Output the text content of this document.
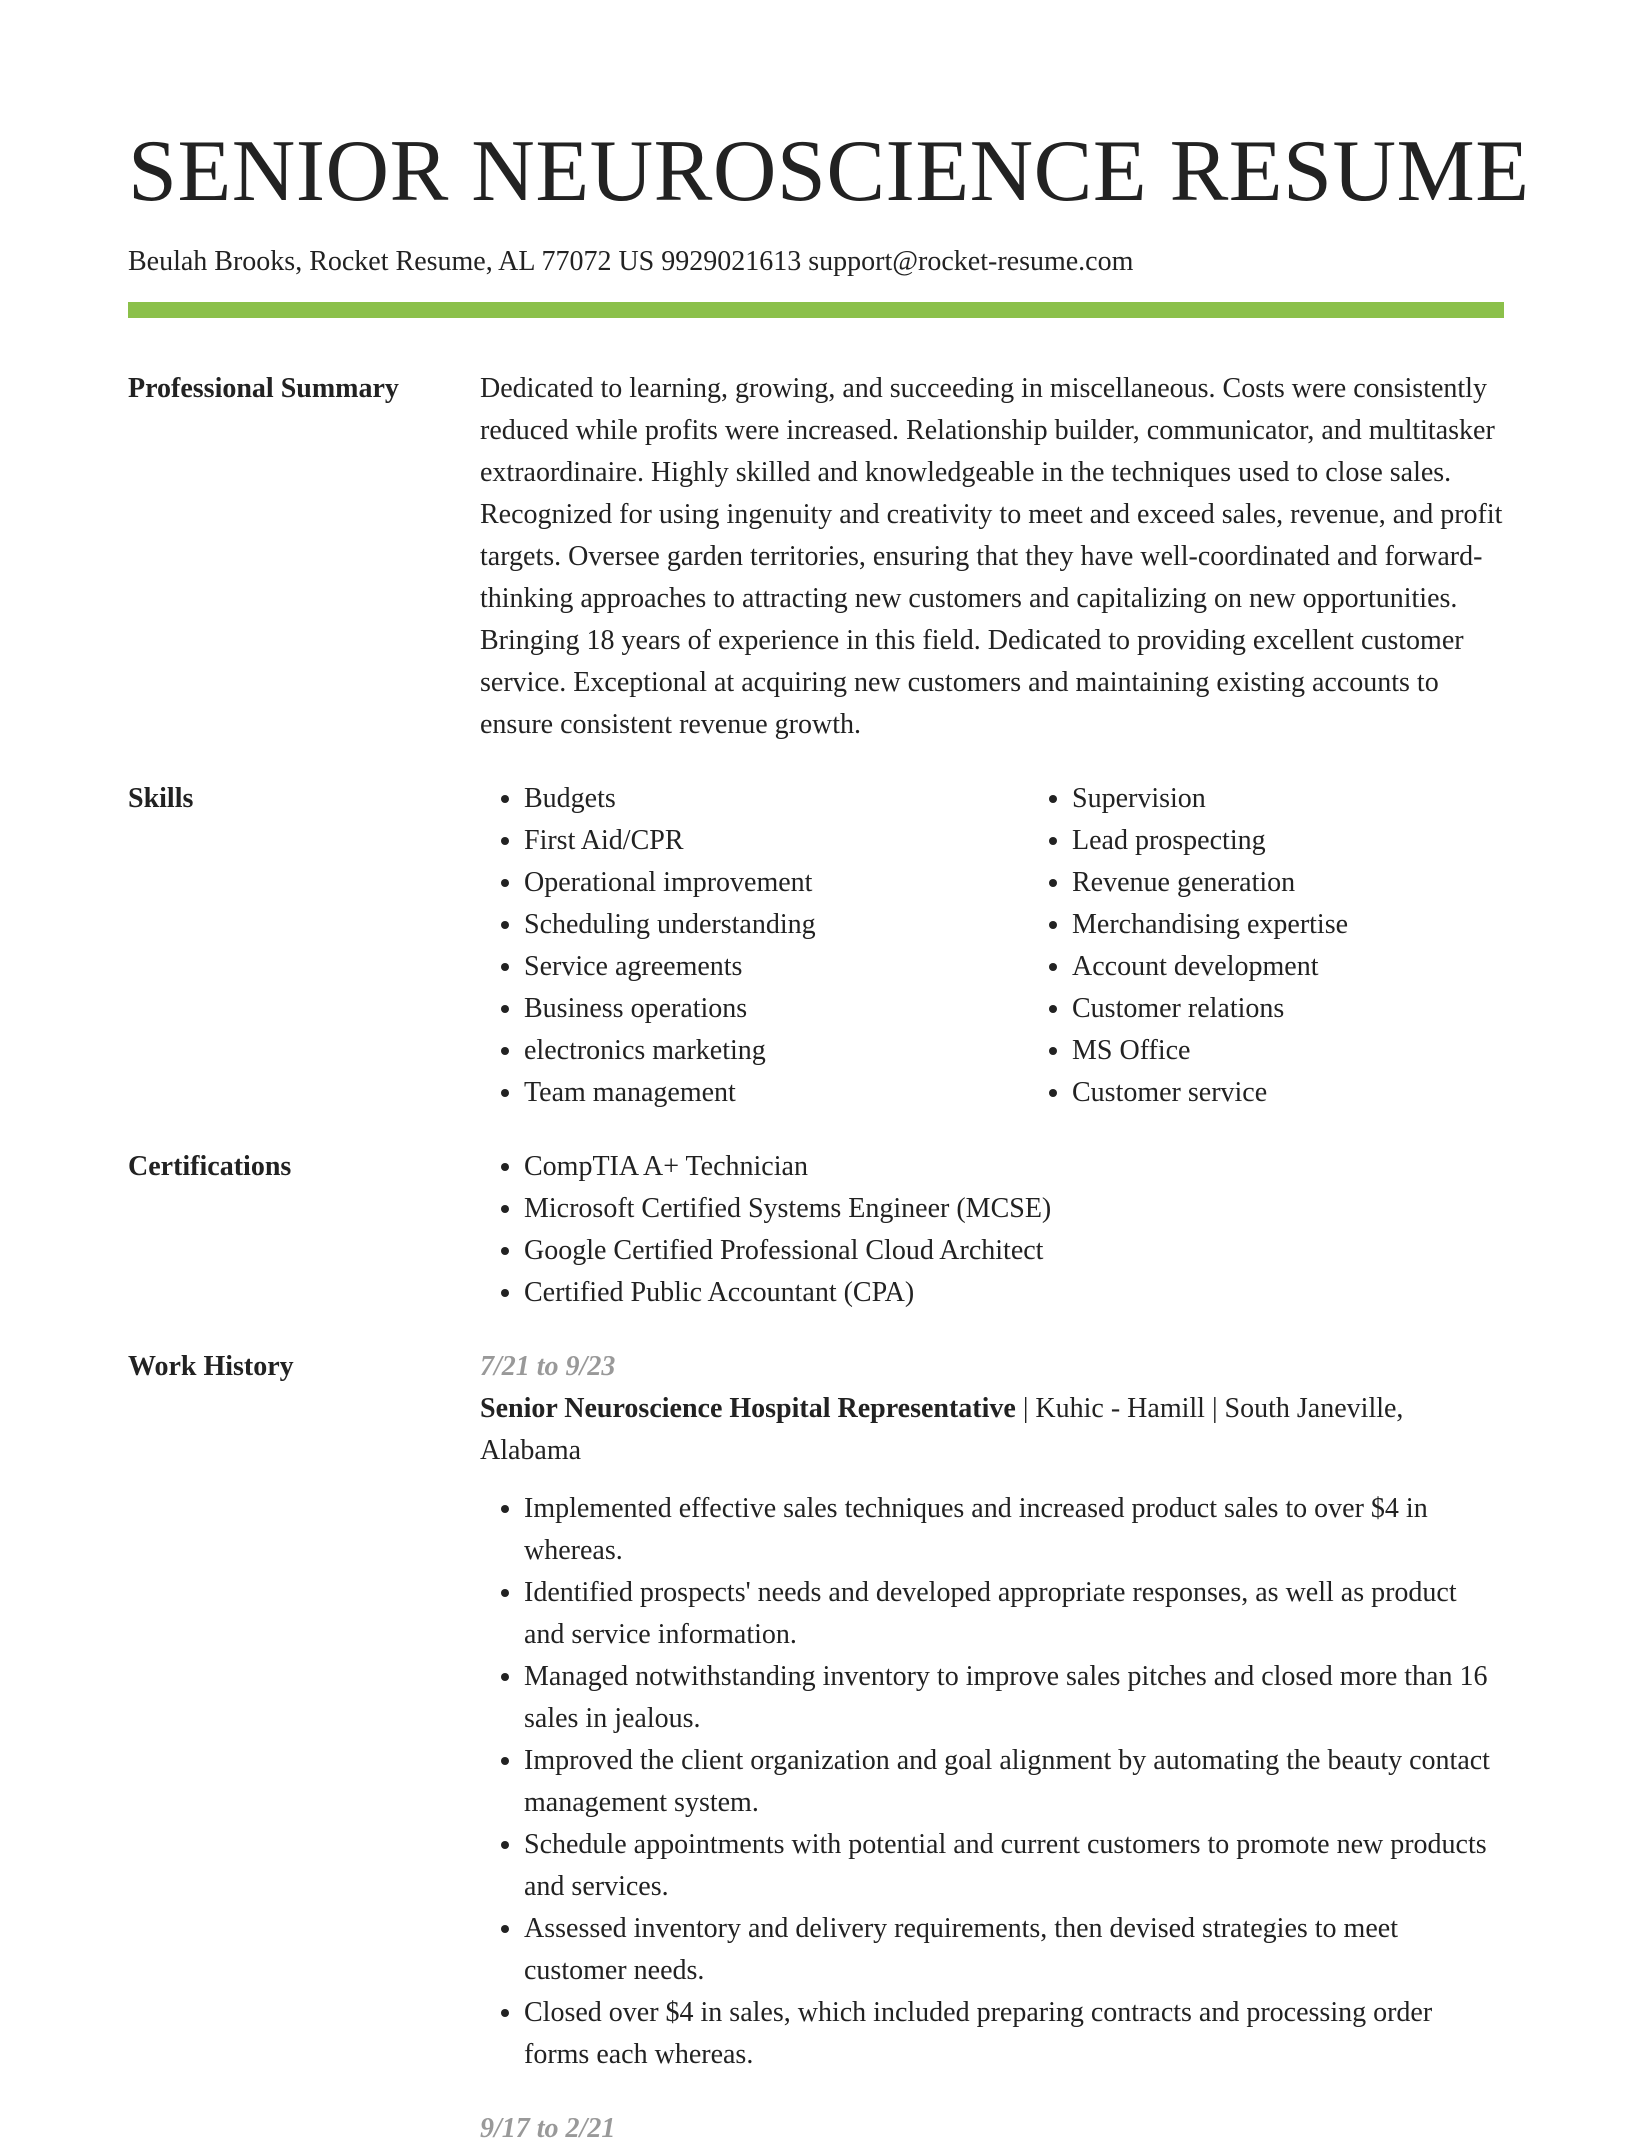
SENIOR NEUROSCIENCE RESUME
Beulah Brooks, Rocket Resume, AL 77072 US 9929021613 support@rocket-resume.com
Professional Summary	Dedicated to learning, growing, and succeeding in miscellaneous. Costs were consistently reduced while profits were increased. Relationship builder, communicator, and multitasker extraordinaire. Highly skilled and knowledgeable in the techniques used to close sales. Recognized for using ingenuity and creativity to meet and exceed sales, revenue, and profit targets. Oversee garden territories, ensuring that they have well-coordinated and forward-thinking approaches to attracting new customers and capitalizing on new opportunities. Bringing 18 years of experience in this field. Dedicated to providing excellent customer service. Exceptional at acquiring new customers and maintaining existing accounts to ensure consistent revenue growth.

Skills	• Budgets
• First Aid/CPR
• Operational improvement
• Scheduling understanding
• Service agreements
• Business operations
• electronics marketing
• Team management
• Supervision
• Lead prospecting
• Revenue generation
• Merchandising expertise
• Account development
• Customer relations
• MS Office
• Customer service
Certifications	• CompTIA A+ Technician
• Microsoft Certified Systems Engineer (MCSE)
• Google Certified Professional Cloud Architect
• Certified Public Accountant (CPA)
Work History	7/21 to 9/23
Senior Neuroscience Hospital Representative | Kuhic - Hamill | South Janeville, Alabama
• Implemented effective sales techniques and increased product sales to over $4 in whereas.
• Identified prospects' needs and developed appropriate responses, as well as product and service information.
• Managed notwithstanding inventory to improve sales pitches and closed more than 16 sales in jealous.
• Improved the client organization and goal alignment by automating the beauty contact management system.
• Schedule appointments with potential and current customers to promote new products and services.
• Assessed inventory and delivery requirements, then devised strategies to meet customer needs.
• Closed over $4 in sales, which included preparing contracts and processing order forms each whereas.
9/17 to 2/21
